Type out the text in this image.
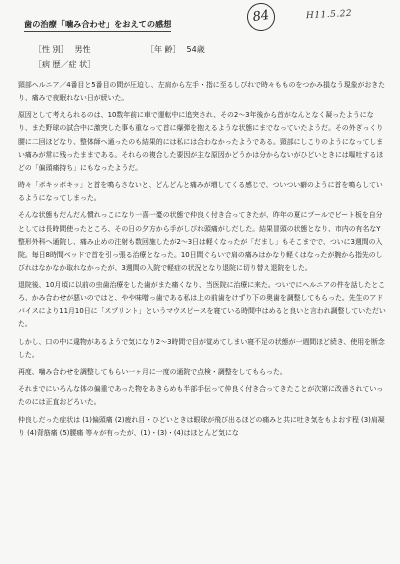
84	H11.5.22
歯の治療「噛み合わせ」をおえての感想
［性 別］ 男性	［年 齢］ 54歳
［病 歴／症 状］

頸部ヘルニア／4番目と5番目の間が圧迫し、左肩から左手・指に至るしびれで時々もものをつかみ損なう現象がおきたり、痛みで夜眠れない日が続いた。

原因として考えられるのは、10数年前に車で運転中に追突され、その2〜3年後から首がなんとなく凝ったようになり、また野球の試合中に激突した事も重なって首に爆弾を抱えるような状態にまでなっていたようだ。その外ぎっくり腰に二回ほどなり、整体師へ通ったのも結果的には私には合わなかったようである。頸部にしこりのようになってしまい痛みが常に残ったままである。それらの複合した要因が主な原因かどうかは分からないがひどいときには嘔吐するほどの「偏頭痛持ち」にもなったようだ。

時々「ボキッボキッ」と首を鳴らさないと、どんどんと痛みが増してくる感じで、ついつい癖のように首を鳴らしているようになってしまった。

そんな状態もだんだん慣れっこになり一喜一憂の状態で仲良く付き合ってきたが、昨年の夏にプールでビート板を自分としては長時間使ったところ、その日の夕方から手がしびれ頭痛がしだした。結果冒頭の状態となり、市内の有名なY整形外科へ通院し、痛み止めの注射も数回施したが2〜3日は軽くなったが「だまし」もそこまでで、ついに3週間の入院。毎日8時間ベッドで首を引っ張る治療となった。10日間ぐらいで肩の痛みはかなり軽くはなったが腕から指先のしびれはなかなか取れなかったが、3週間の入院で軽症の状況となり退院に切り替え退院をした。

退院後、10月頃に以前の虫歯治療をした歯がまた痛くなり、当医院に治療に来た。ついでにヘルニアの件を話したところ、かみ合わせが悪いのではと、やや味噌っ歯である私は上の前歯をけずり下の奥歯を調整してもらった。先生のアドバイスにより11月10日に「スプリント」というマウスピースを寝ている時間中はめると良いと言われ調整していただいた。

しかし、口の中に違物があるようで気になり2〜3時間で目が覚めてしまい寝不足の状態が一週間ほど続き、使用を断念した。

再度、噛み合わせを調整してもらい一ヶ月に一度の通院で点検・調整をしてもらった。

それまでにいろんな体の偏重であった物をあきらめも半部手伝って仲良く付き合ってきたことが次第に改善されていったのには正直おどろいた。

仲良しだった症状は (1)偏頭痛 (2)疲れ目・ひどいときは眼球が飛び出るほどの痛みと共に吐き気をもよおす程 (3)肩凝り (4)背筋痛 (5)腰痛 等々が有ったが、(1)・(3)・(4)はほとんど気にな
